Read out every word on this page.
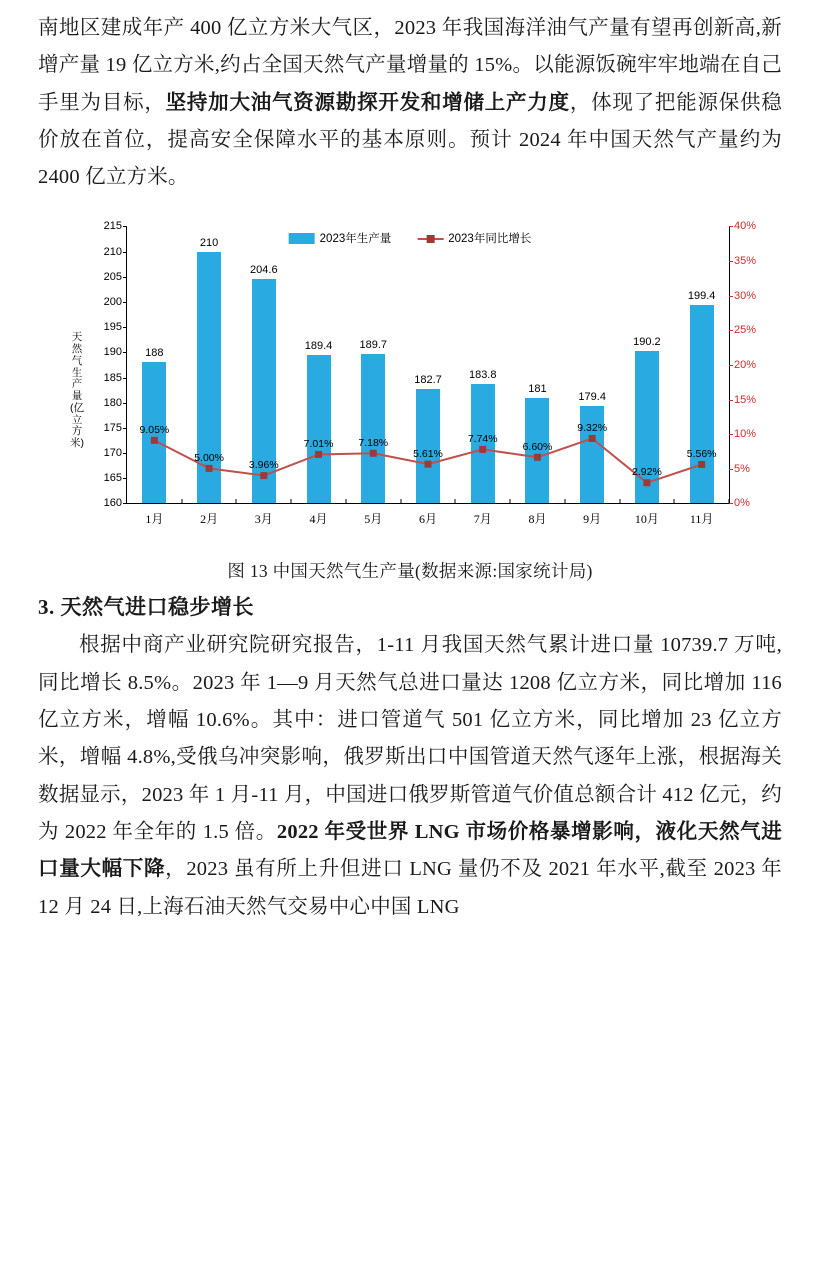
南地区建成年产 400 亿立方米大气区，2023 年我国海洋油气产量有望再创新高,新增产量 19 亿立方米,约占全国天然气产量增量的 15%。以能源饭碗牢牢地端在自己手里为目标，坚持加大油气资源勘探开发和增储上产力度，体现了把能源保供稳价放在首位，提高安全保障水平的基本原则。预计 2024 年中国天然气产量约为 2400 亿立方米。

天然气生产量(亿立方米)
2023年生产量	2023年同比增长
160
165
170
175
180
185
190
195
200
205
210
215
0%
5%
10%
15%
20%
25%
30%
35%
40%
188
1月
210
2月
204.6
3月
189.4
4月
189.7
5月
182.7
6月
183.8
7月
181
8月
179.4
9月
190.2
10月
199.4
11月
9.05%
5.00%
3.96%
7.01% 7.18%
5.61%
7.74%
6.60%
9.32%
2.92%
5.56%
图 13 中国天然气生产量(数据来源:国家统计局)
3. 天然气进口稳步增长

根据中商产业研究院研究报告，1-11 月我国天然气累计进口量 10739.7 万吨,同比增长 8.5%。2023 年 1—9 月天然气总进口量达 1208 亿立方米，同比增加 116 亿立方米，增幅 10.6%。其中：进口管道气 501 亿立方米，同比增加 23 亿立方米，增幅 4.8%,受俄乌冲突影响，俄罗斯出口中国管道天然气逐年上涨，根据海关数据显示，2023 年 1 月-11 月，中国进口俄罗斯管道气价值总额合计 412 亿元，约为 2022 年全年的 1.5 倍。2022 年受世界 LNG 市场价格暴增影响，液化天然气进口量大幅下降，2023 虽有所上升但进口 LNG 量仍不及 2021 年水平,截至 2023 年 12 月 24 日,上海石油天然气交易中心中国 LNG
